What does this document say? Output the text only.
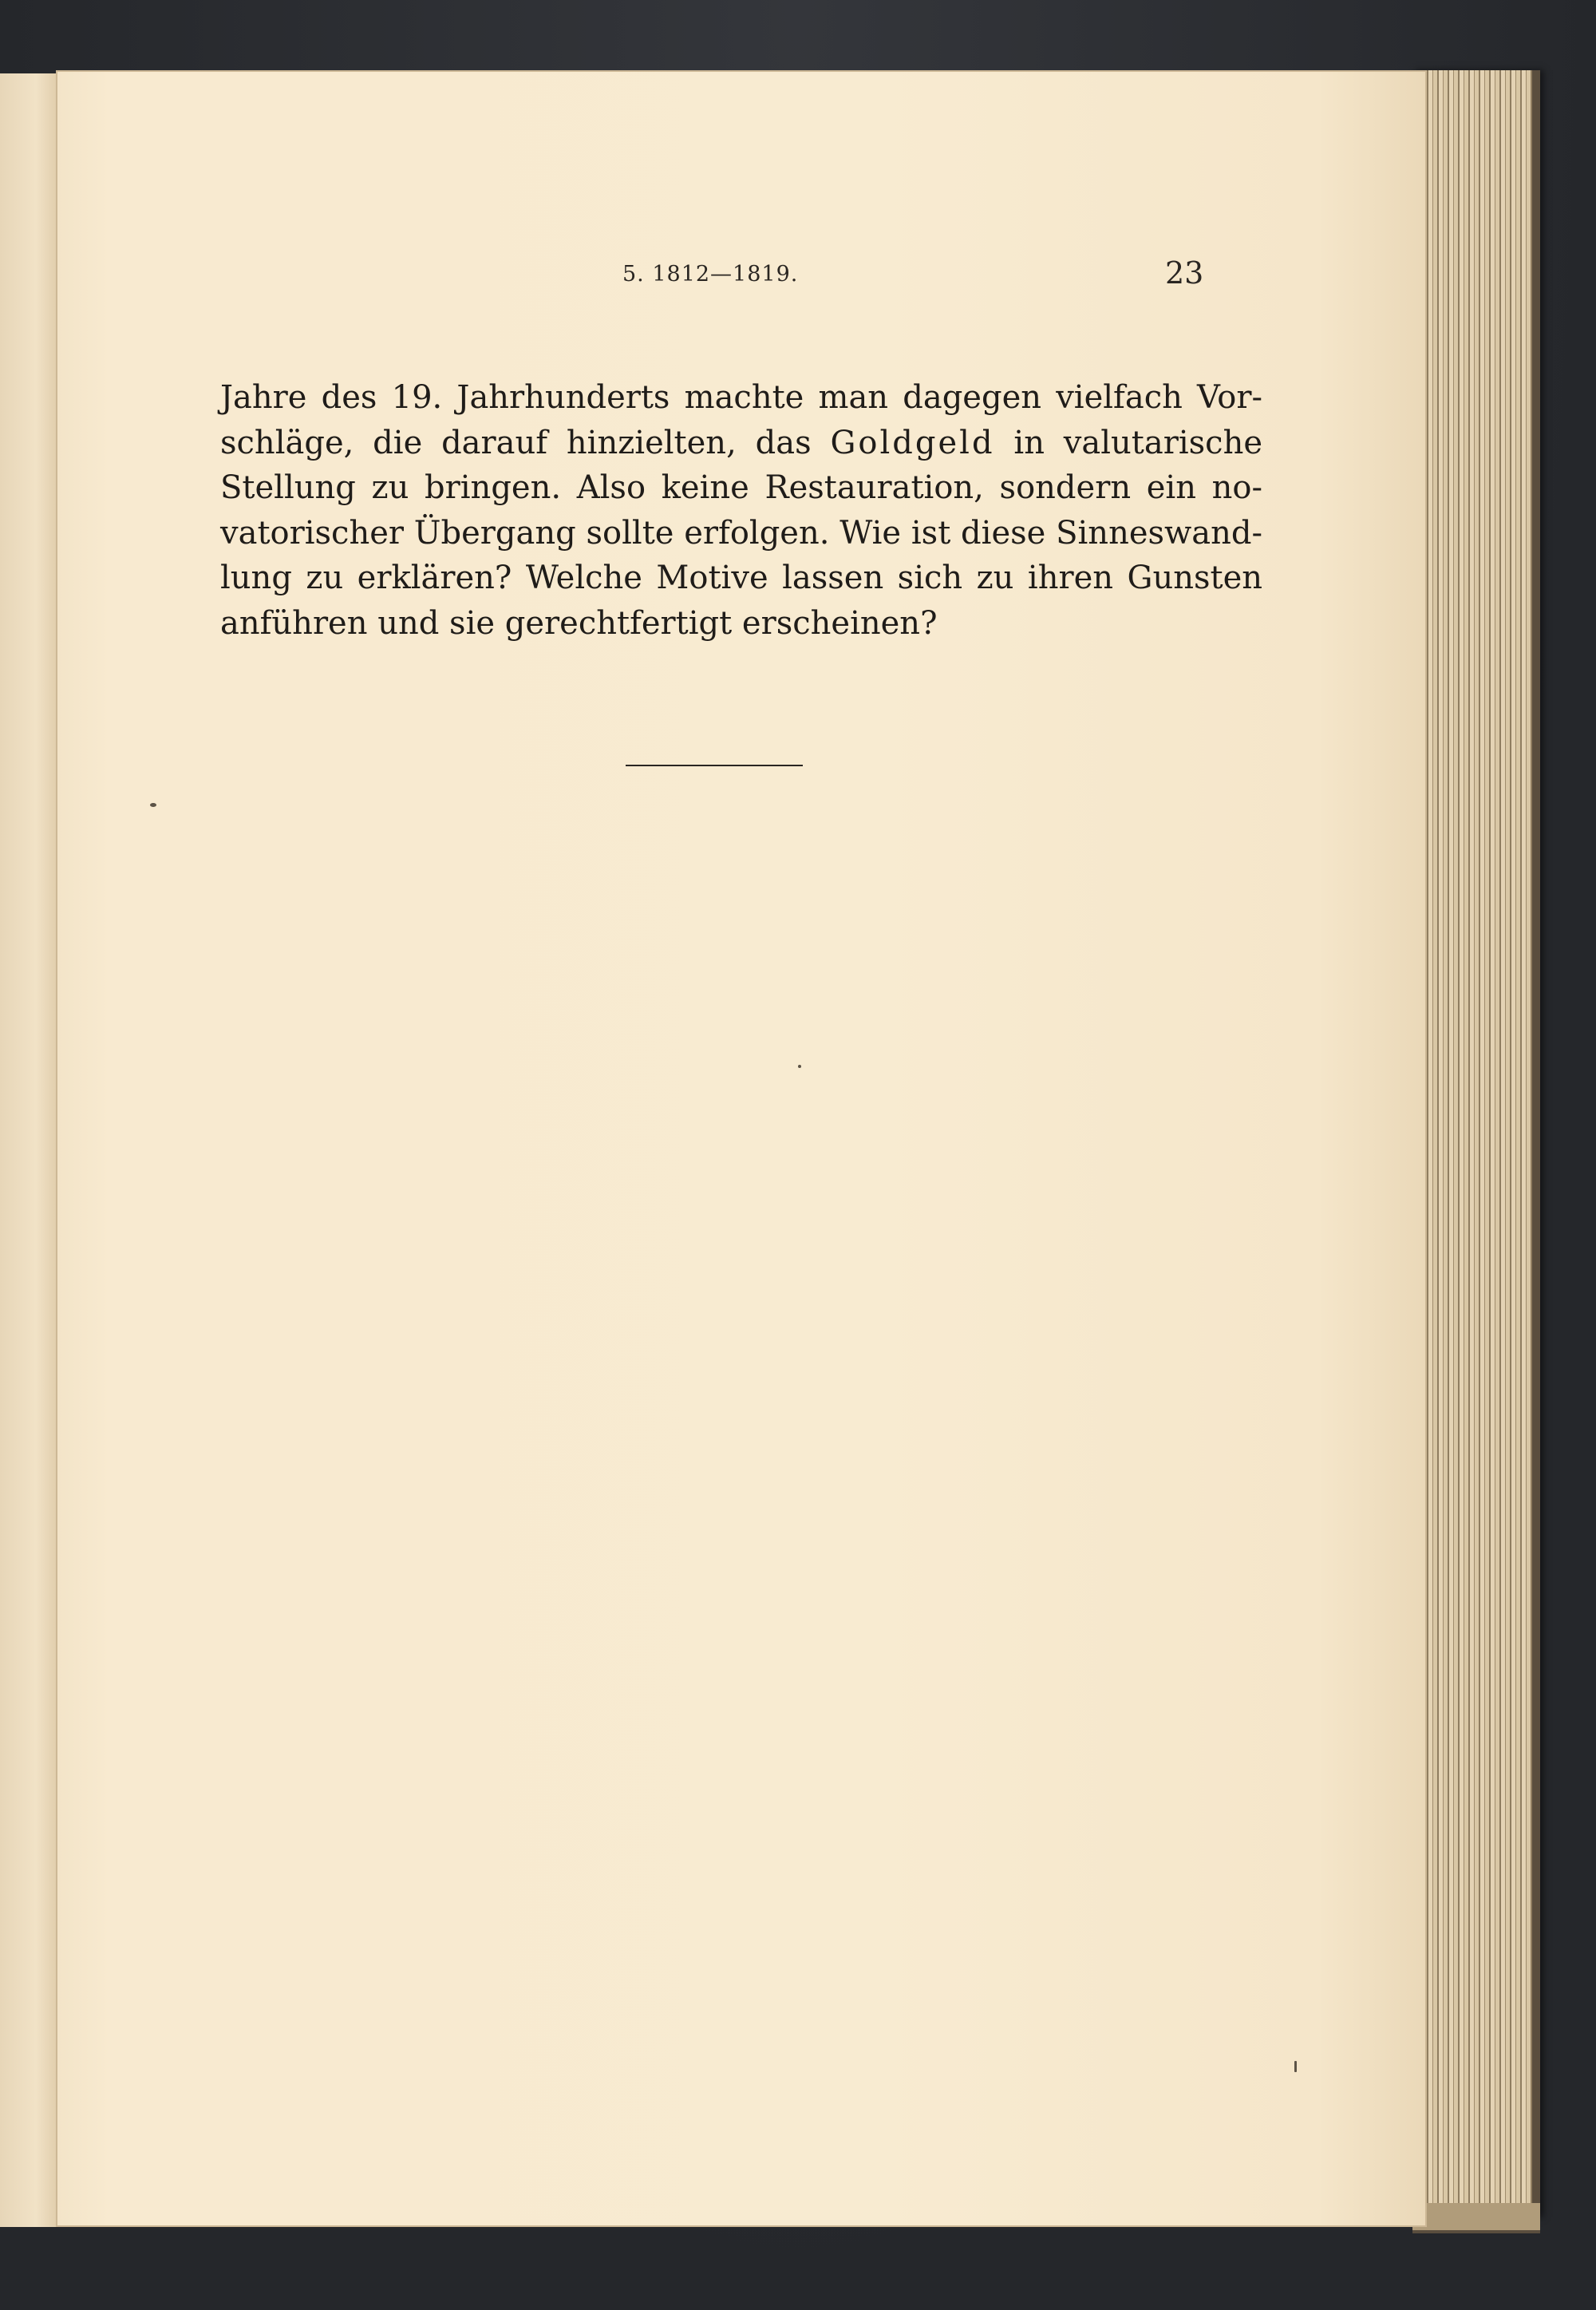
5. 1812—1819.	23
Jahre des 19. Jahrhunderts machte man dagegen vielfach Vor-
schläge, die darauf hinzielten, das Goldgeld in valutarische
Stellung zu bringen. Also keine Restauration, sondern ein no-
vatorischer Übergang sollte erfolgen. Wie ist diese Sinneswand-
lung zu erklären? Welche Motive lassen sich zu ihren Gunsten
anführen und sie gerechtfertigt erscheinen?
